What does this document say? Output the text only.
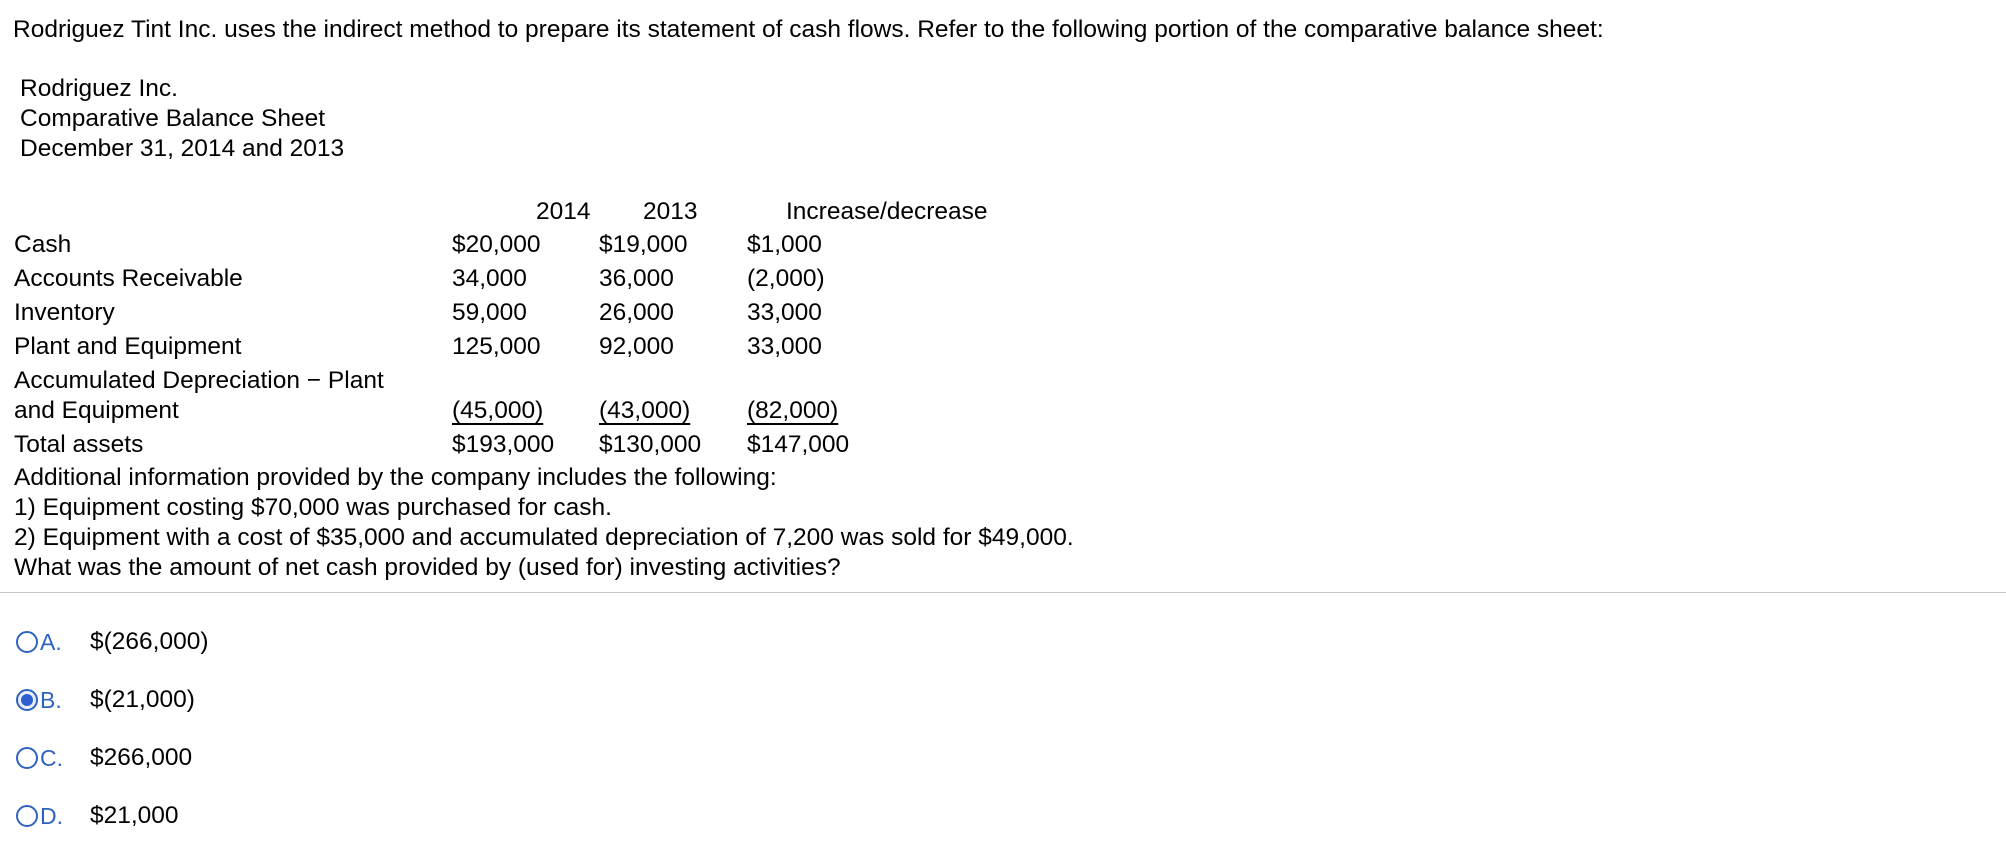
Rodriguez Tint Inc. uses the indirect method to prepare its statement of cash flows. Refer to the following portion of the comparative balance sheet:
Rodriguez Inc.
Comparative Balance Sheet
December 31, 2014 and 2013
2014 2013	Increase/decrease
Cash	$20,000 $19,000 $1,000
Accounts Receivable	34,000	36,000	(2,000)
Inventory	59,000	26,000	33,000
Plant and Equipment	125,000 92,000	33,000
Accumulated Depreciation − Plant
and Equipment	(45,000) (43,000) (82,000)
Total assets	$193,000 $130,000 $147,000
Additional information provided by the company includes the following:
1) Equipment costing $70,000 was purchased for cash.
2) Equipment with a cost of $35,000 and accumulated depreciation of 7,200 was sold for $49,000.
What was the amount of net cash provided by (used for) investing activities?
A.	$(266,000)
B.	$(21,000)
C.	$266,000
D.	$21,000
